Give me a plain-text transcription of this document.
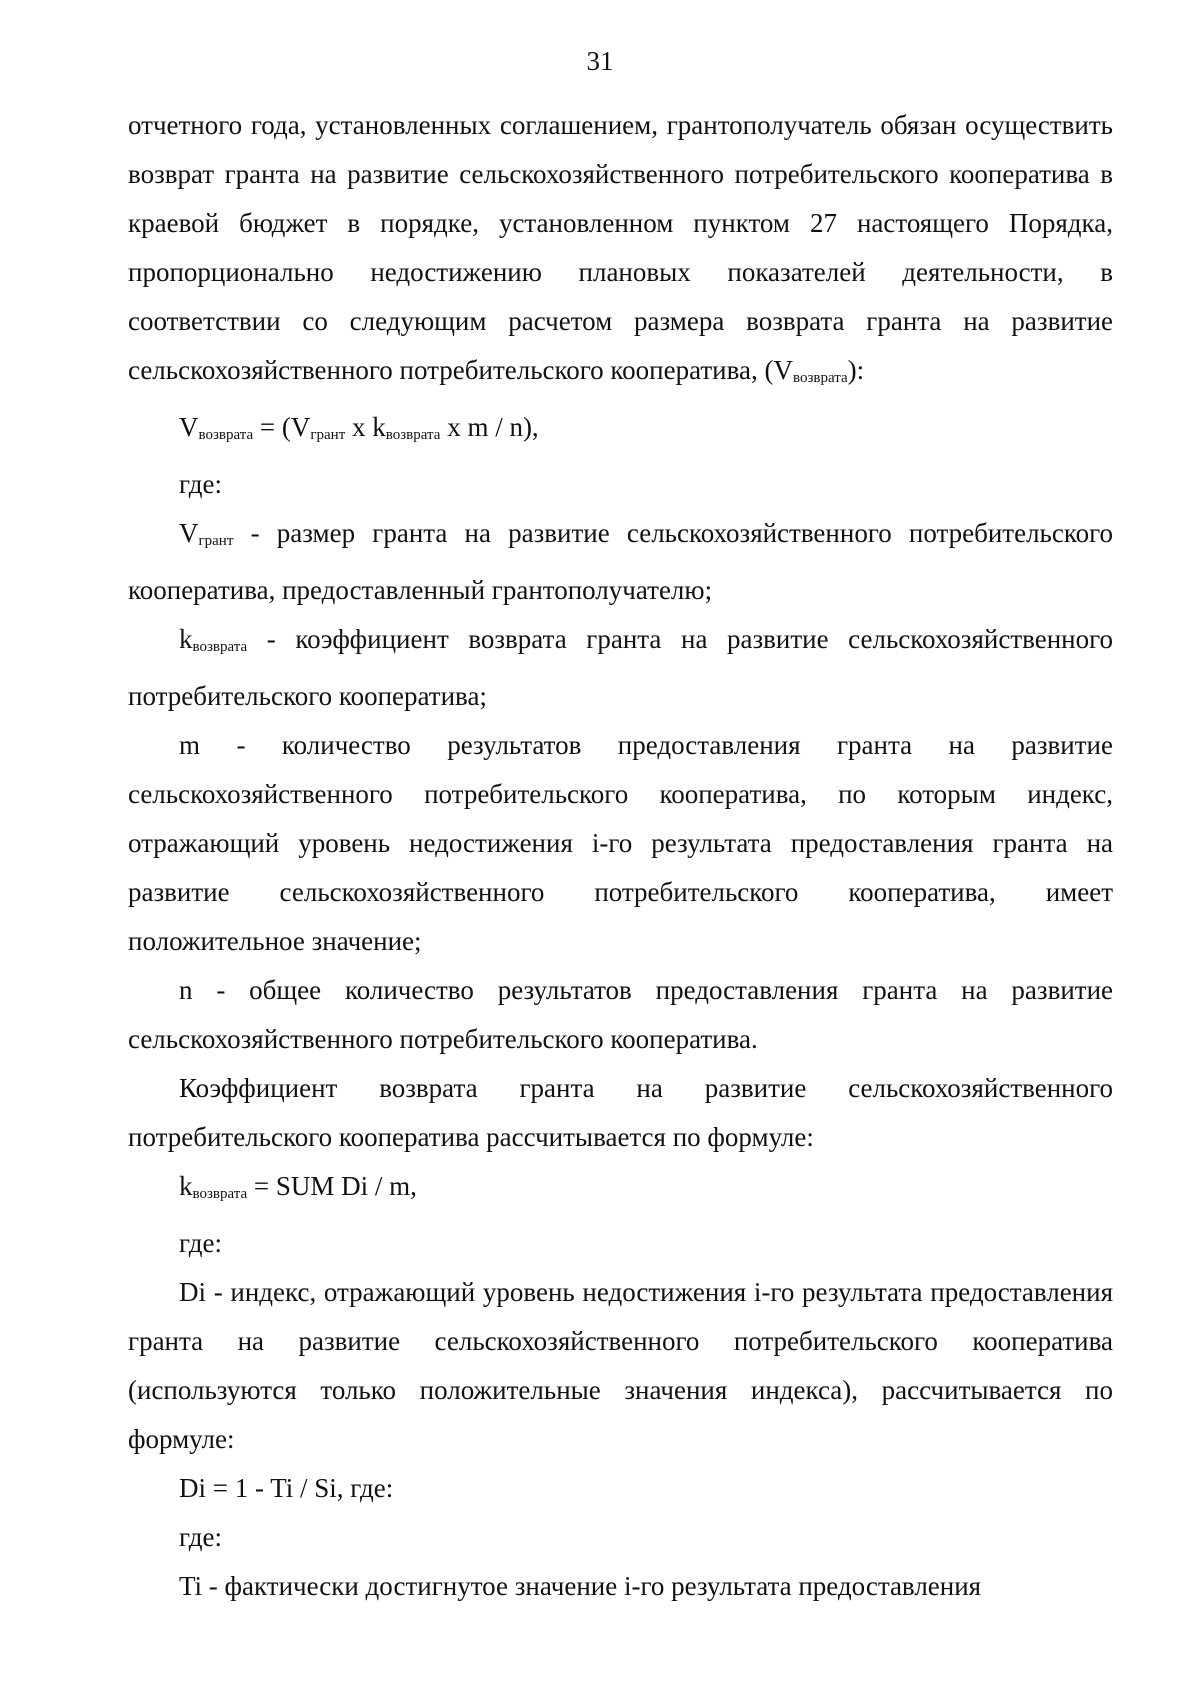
31

отчетного года, установленных соглашением, грантополучатель обязан осуществить возврат гранта на развитие сельскохозяйственного потребительского кооператива в краевой бюджет в порядке, установленном пунктом 27 настоящего Порядка, пропорционально недостижению плановых показателей деятельности, в соответствии со следующим расчетом размера возврата гранта на развитие сельскохозяйственного потребительского кооператива, $(V_{возврата})$:

$V_{возврата} = (V_{грант}$ x $k_{возврата}$ x m / n),

где:

$V_{грант}$ - размер гранта на развитие сельскохозяйственного потребительского кооператива, предоставленный грантополучателю;

$k_{возврата}$ - коэффициент возврата гранта на развитие сельскохозяйственного потребительского кооператива;

m - количество результатов предоставления гранта на развитие сельскохозяйственного потребительского кооператива, по которым индекс, отражающий уровень недостижения i-го результата предоставления гранта на развитие сельскохозяйственного потребительского кооператива, имеет положительное значение;

n - общее количество результатов предоставления гранта на развитие сельскохозяйственного потребительского кооператива.

Коэффициент возврата гранта на развитие сельскохозяйственного потребительского кооператива рассчитывается по формуле:

$k_{возврата}$ = SUM Di / m,

где:

Di - индекс, отражающий уровень недостижения i-го результата предоставления гранта на развитие сельскохозяйственного потребительского кооператива (используются только положительные значения индекса), рассчитывается по формуле:

Di = 1 - Ti / Si, где:

где:

Ti - фактически достигнутое значение i-го результата предоставления
